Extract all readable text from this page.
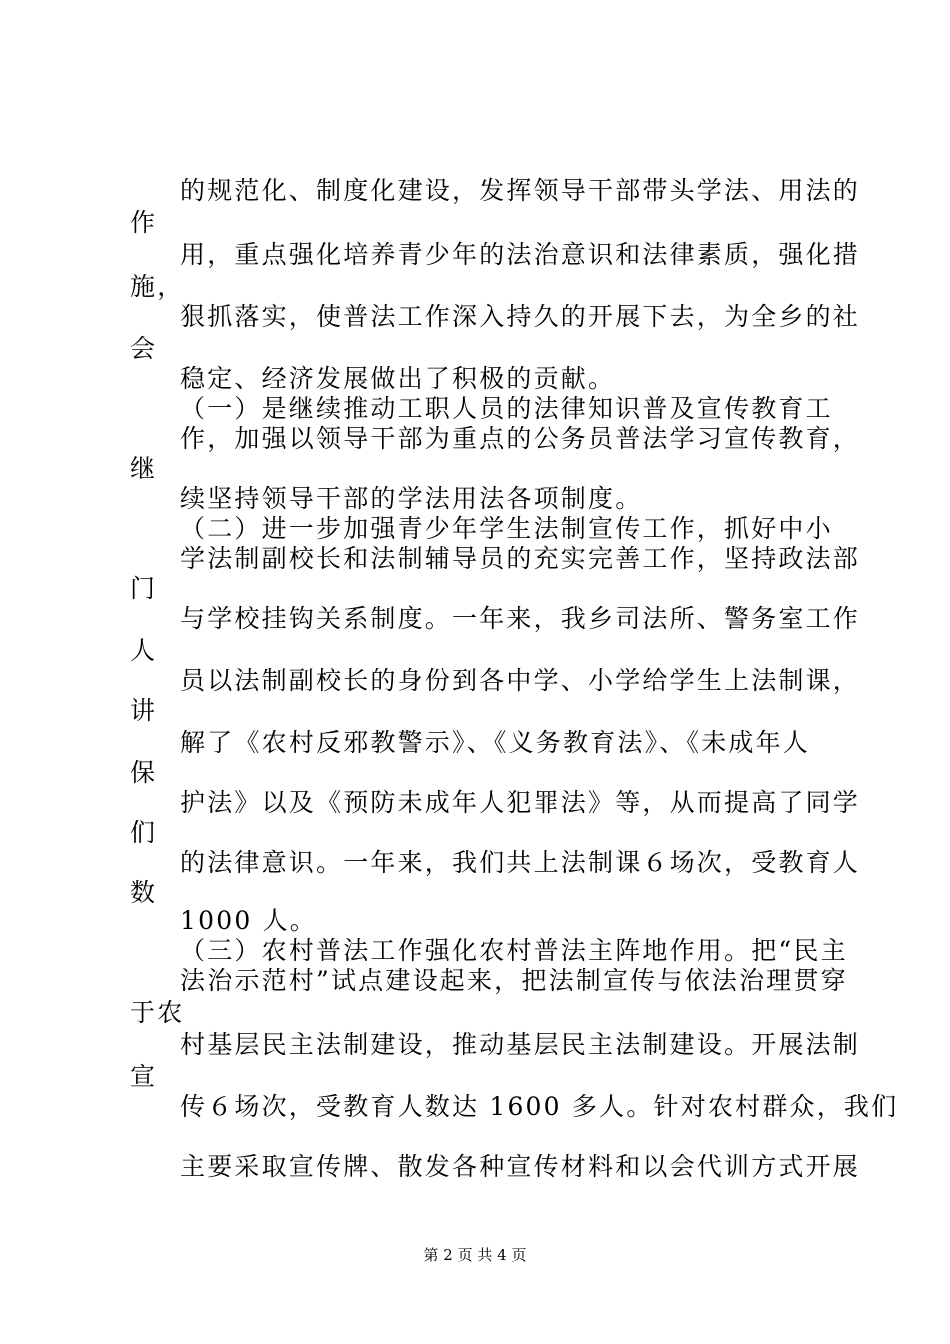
的规范化、制度化建设，发挥领导干部带头学法、用法的
作
用，重点强化培养青少年的法治意识和法律素质，强化措
施，
狠抓落实，使普法工作深入持久的开展下去，为全乡的社
会
稳定、经济发展做出了积极的贡献。
（一）是继续推动工职人员的法律知识普及宣传教育工
作，加强以领导干部为重点的公务员普法学习宣传教育，
继
续坚持领导干部的学法用法各项制度。
（二）进一步加强青少年学生法制宣传工作，抓好中小
学法制副校长和法制辅导员的充实完善工作，坚持政法部
门
与学校挂钩关系制度。一年来，我乡司法所、警务室工作
人
员以法制副校长的身份到各中学、小学给学生上法制课，
讲
解了《农村反邪教警示》、《义务教育法》、《未成年人
保
护法》以及《预防未成年人犯罪法》等，从而提高了同学
们
的法律意识。一年来，我们共上法制课６场次，受教育人
数
1000 人。
（三）农村普法工作强化农村普法主阵地作用。把“民主
法治示范村”试点建设起来，把法制宣传与依法治理贯穿
于农
村基层民主法制建设，推动基层民主法制建设。开展法制
宣
传６场次，受教育人数达 1600 多人。针对农村群众，我们
主要采取宣传牌、散发各种宣传材料和以会代训方式开展
第 2 页 共 4 页
